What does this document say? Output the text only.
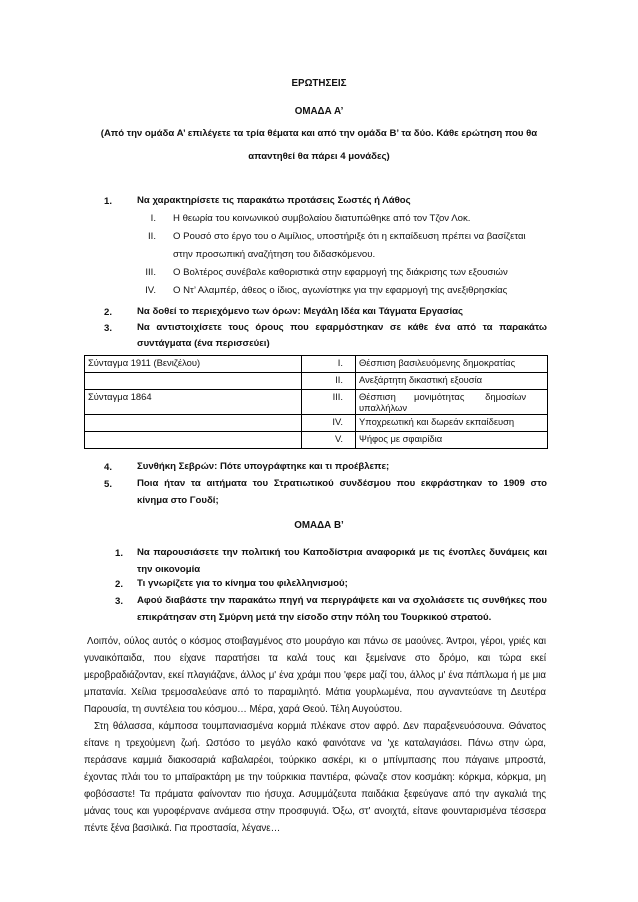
ΕΡΩΤΗΣΕΙΣ
ΟΜΑΔΑ Α’
(Από την ομάδα Α’ επιλέγετε τα τρία θέματα και από την ομάδα Β’ τα δύο. Κάθε ερώτηση που θα
απαντηθεί θα πάρει 4 μονάδες)
1.	Να χαρακτηρίσετε τις παρακάτω προτάσεις Σωστές ή Λάθος
I. Η θεωρία του κοινωνικού συμβολαίου διατυπώθηκε από τον Τζον Λοκ.
II. Ο Ρουσό στο έργο του ο Αιμίλιος, υποστήριξε ότι η εκπαίδευση πρέπει να βασίζεται
στην προσωπική αναζήτηση του διδασκόμενου.
III. Ο Βολτέρος συνέβαλε καθοριστικά στην εφαρμογή της διάκρισης των εξουσιών
IV. Ο Ντ’ Αλαμπέρ, άθεος ο ίδιος, αγωνίστηκε για την εφαρμογή της ανεξιθρησκίας
2.	Να δοθεί το περιεχόμενο των όρων: Μεγάλη Ιδέα και Τάγματα Εργασίας
3.	Να αντιστοιχίσετε τους όρους που εφαρμόστηκαν σε κάθε ένα από τα παρακάτω
συντάγματα (ένα περισσεύει)
Σύνταγμα 1911 (Βενιζέλου)	I.	Θέσπιση βασιλευόμενης δημοκρατίας
	II.	Ανεξάρτητη δικαστική εξουσία
Σύνταγμα 1864	III.	Θέσπιση       μονιμότητας        δημοσίων
υπαλλήλων

	IV.	Υποχρεωτική και δωρεάν εκπαίδευση
	V.	Ψήφος με σφαιρίδια
4.	Συνθήκη Σεβρών: Πότε υπογράφτηκε και τι προέβλεπε;
5.	Ποια ήταν τα αιτήματα του Στρατιωτικού συνδέσμου που εκφράστηκαν το 1909 στο
κίνημα στο Γουδί;
ΟΜΑΔΑ Β’
1. Να παρουσιάσετε την πολιτική του Καποδίστρια αναφορικά με τις ένοπλες δυνάμεις και
την οικονομία
2. Τι γνωρίζετε για το κίνημα του φιλελληνισμού;
3. Αφού διαβάστε την παρακάτω πηγή να περιγράψετε και να σχολιάσετε τις συνθήκες που
επικράτησαν στη Σμύρνη μετά την είσοδο στην πόλη του Τουρκικού στρατού.

Λοιπόν, ούλος αυτός ο κόσμος στοιβαγμένος στο μουράγιο και πάνω σε μαούνες. Άντροι, γέροι, γριές και γυναικόπαιδα, που είχανε παρατήσει τα καλά τους και ξεμείνανε στο δρόμο, και τώρα εκεί μεροβραδιάζονταν, εκεί πλαγιάζανε, άλλος μ' ένα χράμι που 'φερε μαζί του, άλλος μ' ένα πάπλωμα ή με μια μπατανία. Χείλια τρεμοσαλεύανε από το παραμιλητό. Μάτια γουρλωμένα, που αγναντεύανε τη Δευτέρα Παρουσία, τη συντέλεια του κόσμου… Μέρα, χαρά Θεού. Τέλη Αυγούστου.

Στη θάλασσα, κάμποσα τουμπανιασμένα κορμιά πλέκανε στον αφρό. Δεν παραξενευόσουνα. Θάνατος είτανε η τρεχούμενη ζωή. Ωστόσο το μεγάλο κακό φαινότανε να 'χε καταλαγιάσει. Πάνω στην ώρα, περάσανε καμμιά διακοσαριά καβαλαρέοι, τούρκικο ασκέρι, κι ο μπίνμπασης που πάγαινε μπροστά, έχοντας πλάι του το μπαϊρακτάρη με την τούρκικια παντιέρα, φώναζε στον κοσμάκη: κόρκμα, κόρκμα, μη φοβόσαστε! Τα πράματα φαίνονταν πιο ήσυχα. Ασυμμάζευτα παιδάκια ξεφεύγανε από την αγκαλιά της μάνας τους και γυροφέρνανε ανάμεσα στην προσφυγιά. Όξω, στ' ανοιχτά, είτανε φουνταρισμένα τέσσερα πέντε ξένα βασιλικά. Για προστασία, λέγανε…
